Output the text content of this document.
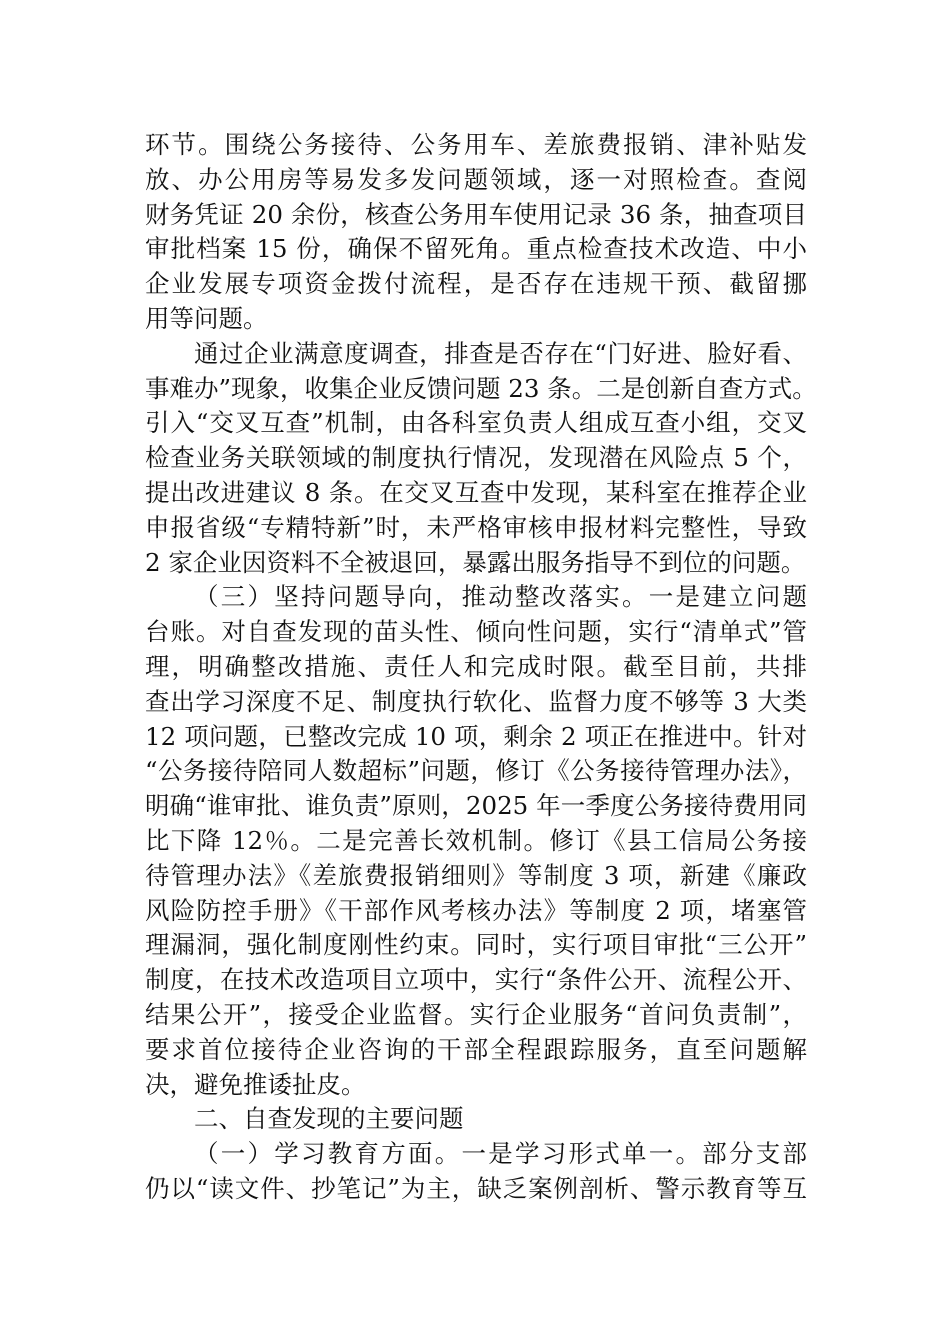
环节。围绕公务接待、公务用车、差旅费报销、津补贴发
放、办公用房等易发多发问题领域，逐一对照检查。查阅
财务凭证 20 余份，核查公务用车使用记录 36 条，抽查项目
审批档案 15 份，确保不留死角。重点检查技术改造、中小
企业发展专项资金拨付流程，是否存在违规干预、截留挪
用等问题。
通过企业满意度调查，排查是否存在“门好进、脸好看、
事难办”现象，收集企业反馈问题 23 条。二是创新自查方式。
引入“交叉互查”机制，由各科室负责人组成互查小组，交叉
检查业务关联领域的制度执行情况，发现潜在风险点 5 个，
提出改进建议 8 条。在交叉互查中发现，某科室在推荐企业
申报省级“专精特新”时，未严格审核申报材料完整性，导致
2 家企业因资料不全被退回，暴露出服务指导不到位的问题。
（三）坚持问题导向，推动整改落实。一是建立问题
台账。对自查发现的苗头性、倾向性问题，实行“清单式”管
理，明确整改措施、责任人和完成时限。截至目前，共排
查出学习深度不足、制度执行软化、监督力度不够等 3 大类
12 项问题，已整改完成 10 项，剩余 2 项正在推进中。针对
“公务接待陪同人数超标”问题，修订《公务接待管理办法》，
明确“谁审批、谁负责”原则，2025 年一季度公务接待费用同
比下降 12％。二是完善长效机制。修订《县工信局公务接
待管理办法》《差旅费报销细则》等制度 3 项，新建《廉政
风险防控手册》《干部作风考核办法》等制度 2 项，堵塞管
理漏洞，强化制度刚性约束。同时，实行项目审批“三公开”
制度，在技术改造项目立项中，实行“条件公开、流程公开、
结果公开”，接受企业监督。实行企业服务“首问负责制”，
要求首位接待企业咨询的干部全程跟踪服务，直至问题解
决，避免推诿扯皮。
二、自查发现的主要问题
（一）学习教育方面。一是学习形式单一。部分支部
仍以“读文件、抄笔记”为主，缺乏案例剖析、警示教育等互
